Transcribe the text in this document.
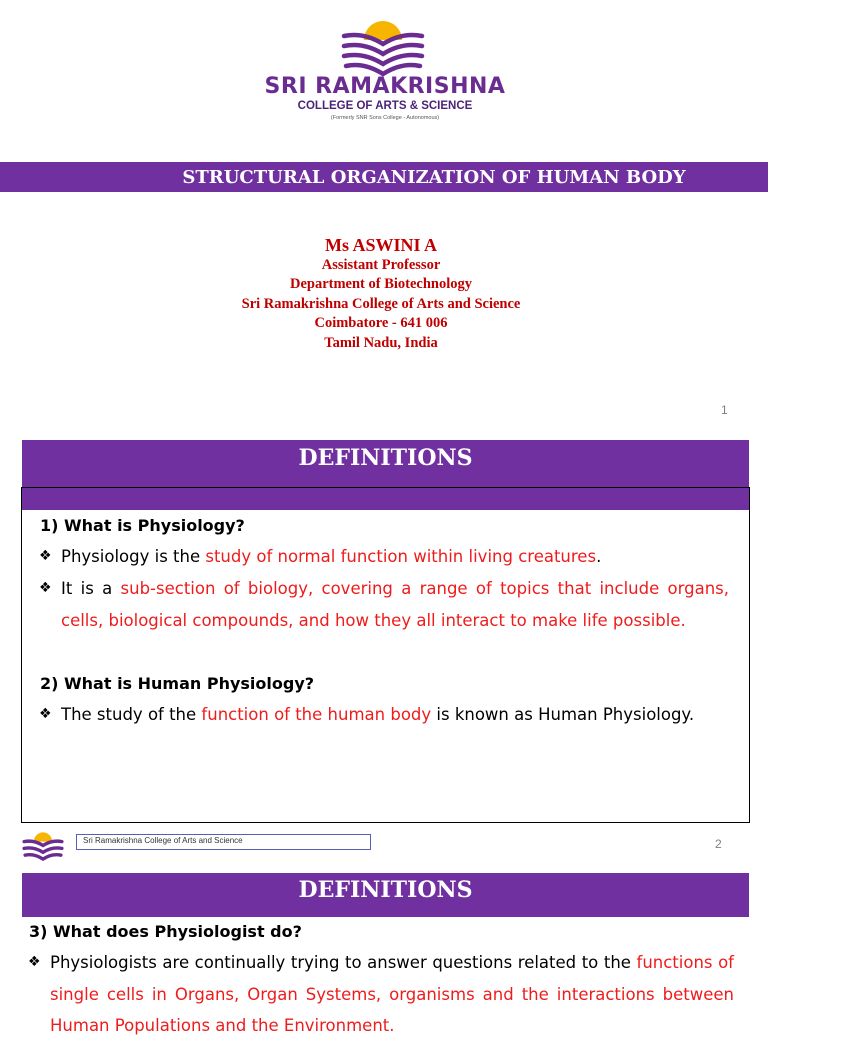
SRI RAMAKRISHNA
COLLEGE OF ARTS & SCIENCE
(Formerly SNR Sons College - Autonomous)
STRUCTURAL ORGANIZATION OF HUMAN BODY
Ms ASWINI A
Assistant Professor
Department of Biotechnology
Sri Ramakrishna College of Arts and Science
Coimbatore - 641 006
Tamil Nadu, India
1
DEFINITIONS
1) What is Physiology?
❖ Physiology is the study of normal function within living creatures.
❖ It is a sub-section of biology, covering a range of topics that include organs, cells, biological compounds, and how they all interact to make life possible.
2) What is Human Physiology?
❖ The study of the function of the human body is known as Human Physiology.
Sri Ramakrishna College of Arts and Science	2
DEFINITIONS
3) What does Physiologist do?
❖ Physiologists are continually trying to answer questions related to the functions of single cells in Organs, Organ Systems, organisms and the interactions between Human Populations and the Environment.
